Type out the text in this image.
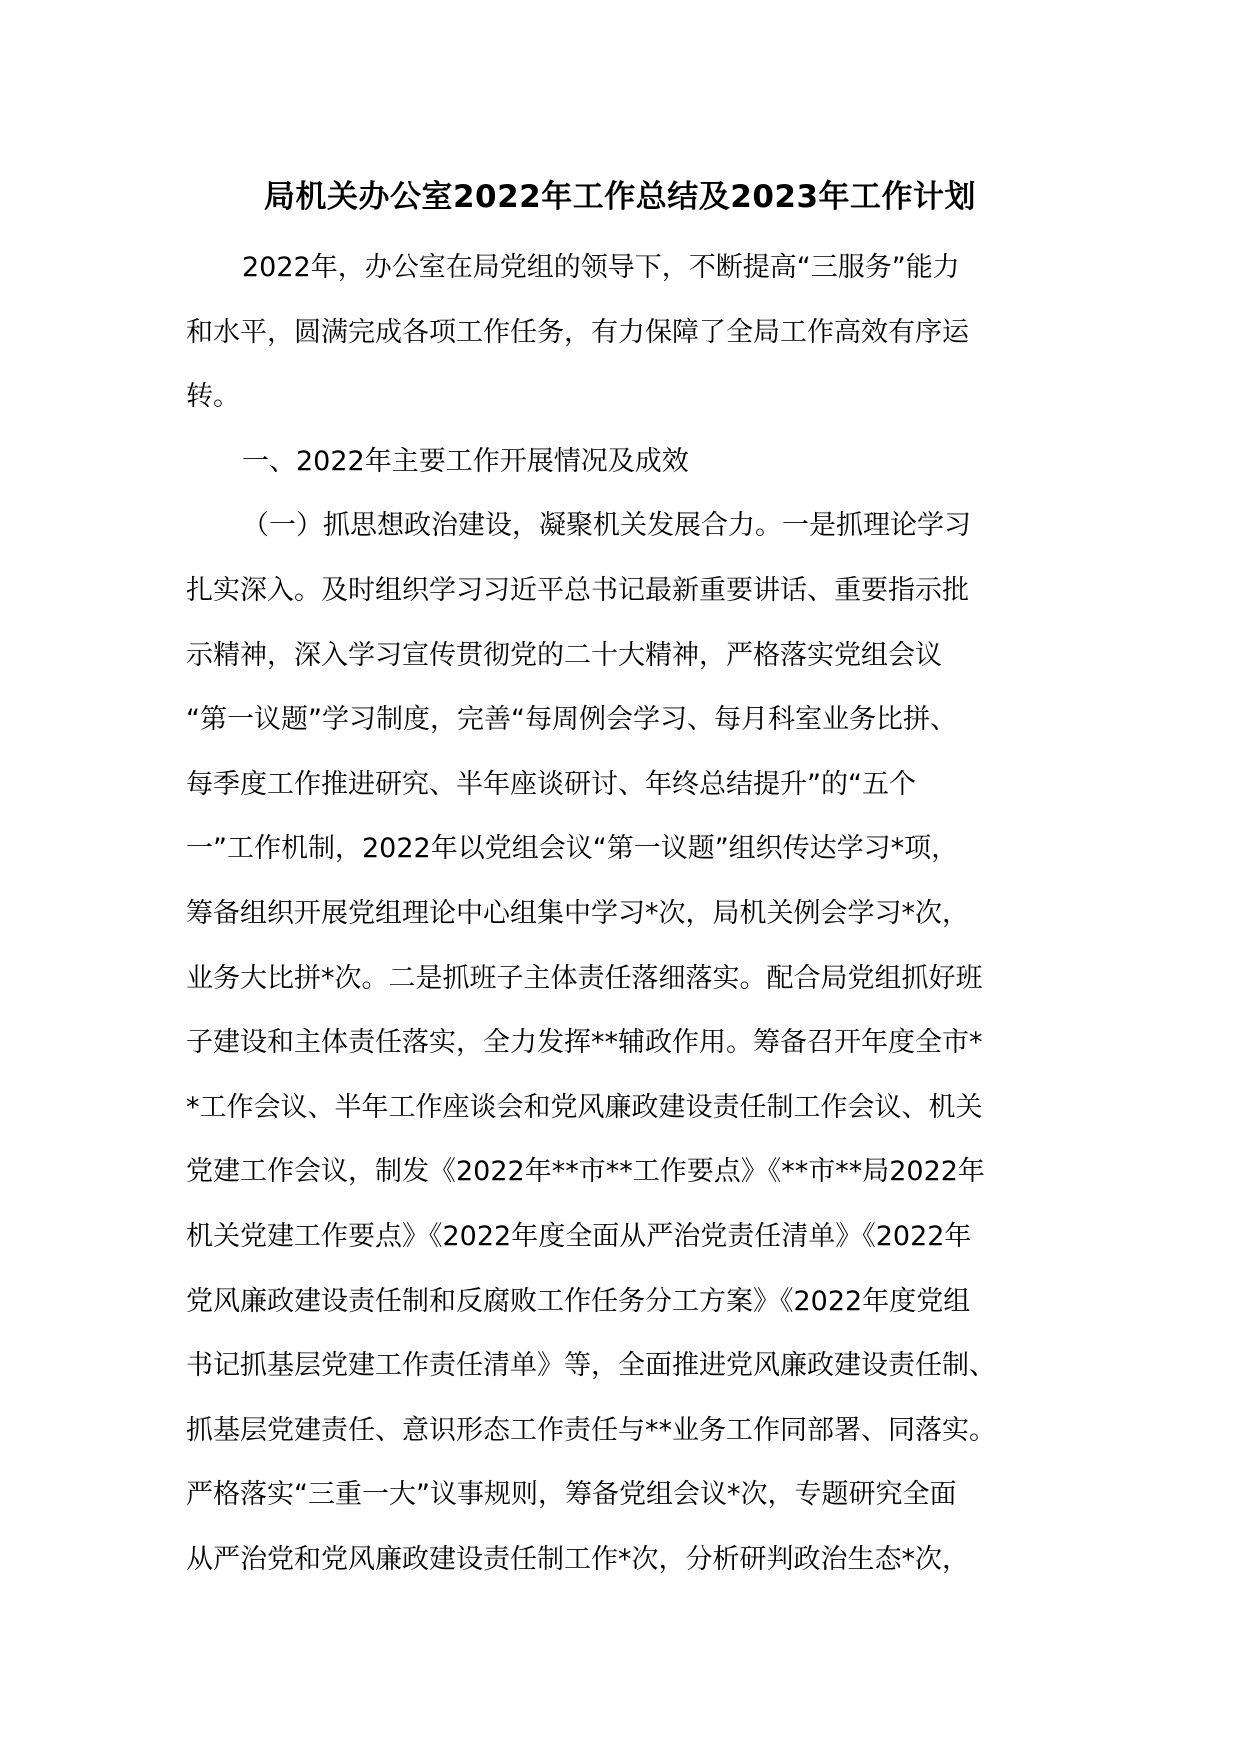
局机关办公室2022年工作总结及2023年工作计划

2022年，办公室在局党组的领导下，不断提高“三服务”能力
和水平，圆满完成各项工作任务，有力保障了全局工作高效有序运
转。

一、2022年主要工作开展情况及成效

（一）抓思想政治建设，凝聚机关发展合力。一是抓理论学习
扎实深入。及时组织学习习近平总书记最新重要讲话、重要指示批
示精神，深入学习宣传贯彻党的二十大精神，严格落实党组会议
“第一议题”学习制度，完善“每周例会学习、每月科室业务比拼、
每季度工作推进研究、半年座谈研讨、年终总结提升”的“五个
一”工作机制，2022年以党组会议“第一议题”组织传达学习*项，
筹备组织开展党组理论中心组集中学习*次，局机关例会学习*次，
业务大比拼*次。二是抓班子主体责任落细落实。配合局党组抓好班
子建设和主体责任落实，全力发挥**辅政作用。筹备召开年度全市*
*工作会议、半年工作座谈会和党风廉政建设责任制工作会议、机关
党建工作会议，制发《2022年**市**工作要点》《**市**局2022年
机关党建工作要点》《2022年度全面从严治党责任清单》《2022年
党风廉政建设责任制和反腐败工作任务分工方案》《2022年度党组
书记抓基层党建工作责任清单》等，全面推进党风廉政建设责任制、
抓基层党建责任、意识形态工作责任与**业务工作同部署、同落实。
严格落实“三重一大”议事规则，筹备党组会议*次，专题研究全面
从严治党和党风廉政建设责任制工作*次，分析研判政治生态*次，
